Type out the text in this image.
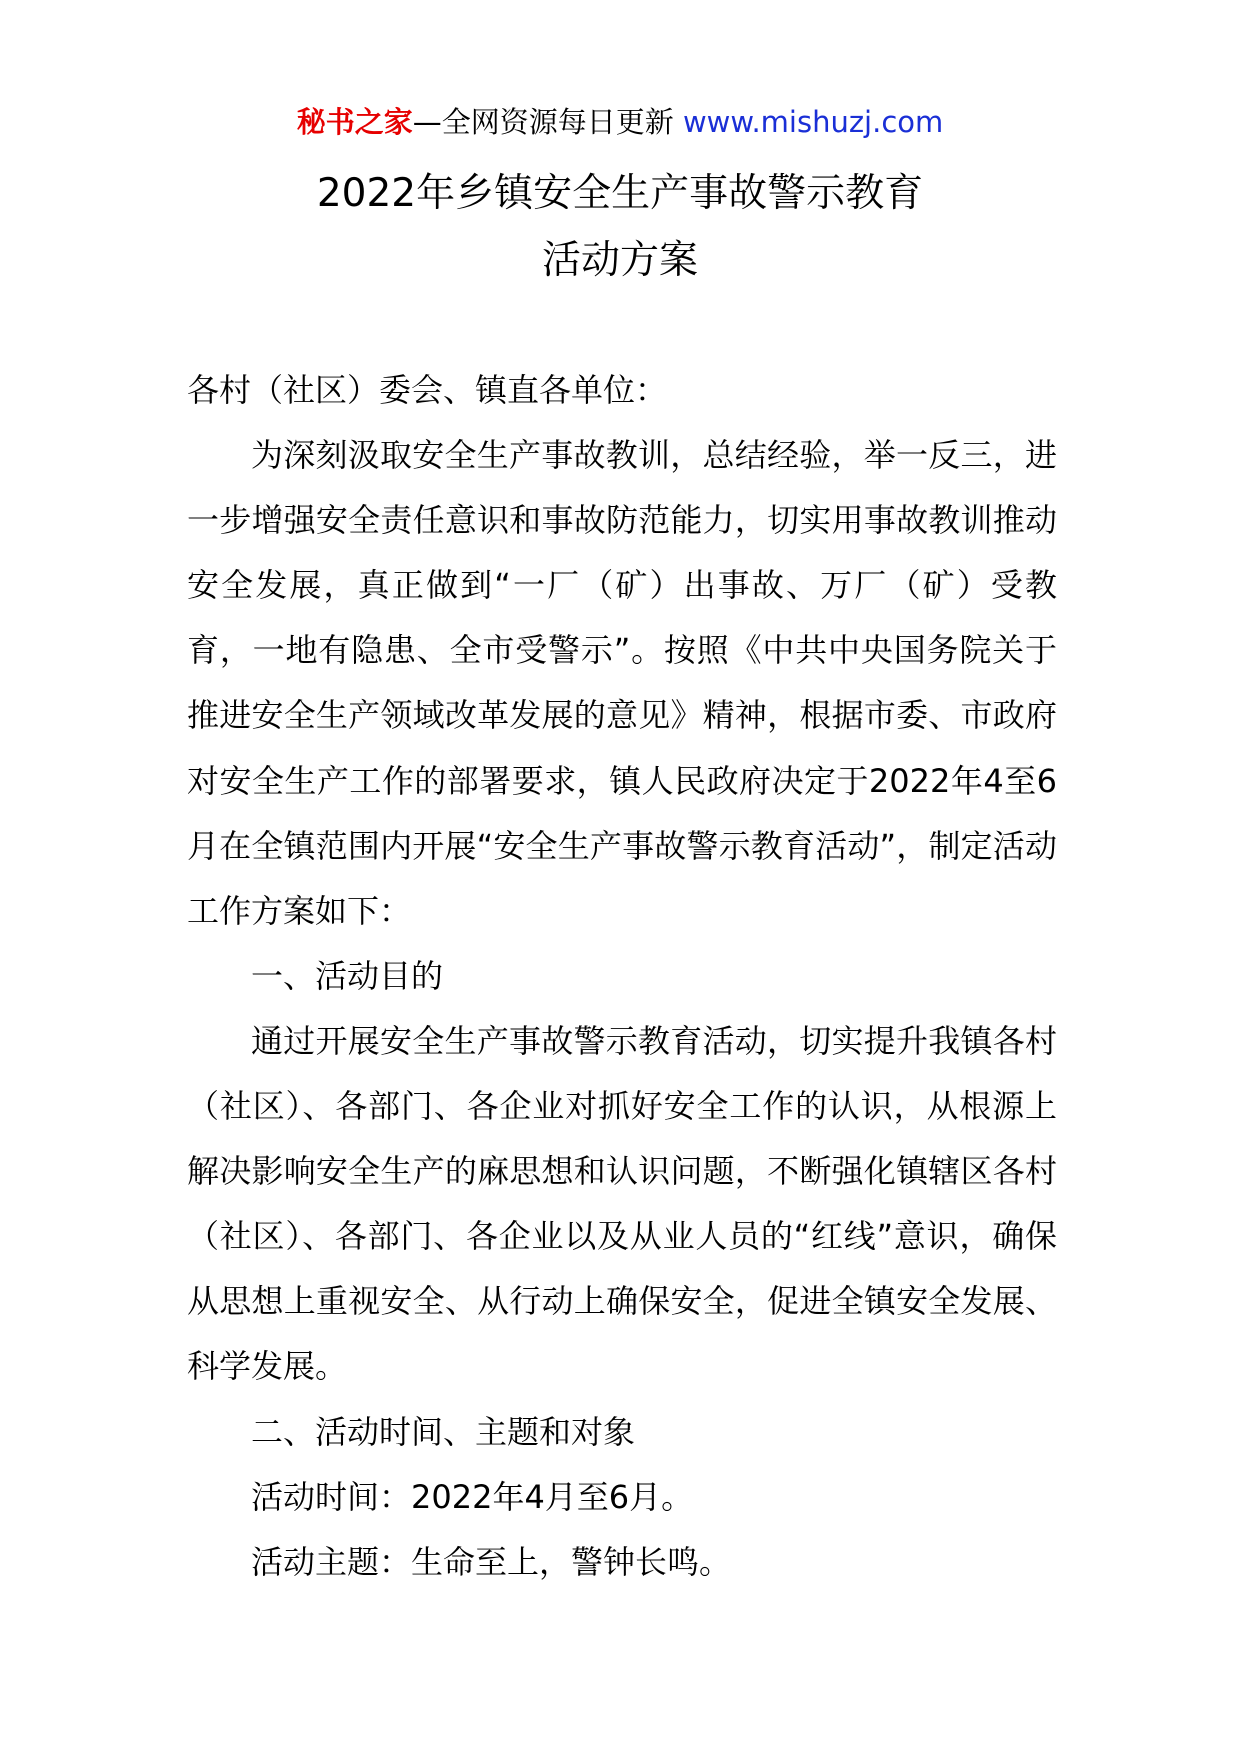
秘书之家—全网资源每日更新 www.mishuzj.com
2022年乡镇安全生产事故警示教育
活动方案

各村（社区）委会、镇直各单位：

为深刻汲取安全生产事故教训，总结经验，举一反三，进一步增强安全责任意识和事故防范能力，切实用事故教训推动安全发展，真正做到“一厂（矿）出事故、万厂（矿）受教育，一地有隐患、全市受警示”。按照《中共中央国务院关于推进安全生产领域改革发展的意见》精神，根据市委、市政府对安全生产工作的部署要求，镇人民政府决定于2022年4至6月在全镇范围内开展“安全生产事故警示教育活动”，制定活动工作方案如下：

一、活动目的

通过开展安全生产事故警示教育活动，切实提升我镇各村（社区）、各部门、各企业对抓好安全工作的认识，从根源上解决影响安全生产的麻思想和认识问题，不断强化镇辖区各村（社区）、各部门、各企业以及从业人员的“红线”意识，确保从思想上重视安全、从行动上确保安全，促进全镇安全发展、科学发展。

二、活动时间、主题和对象

活动时间：2022年4月至6月。

活动主题：生命至上，警钟长鸣。
